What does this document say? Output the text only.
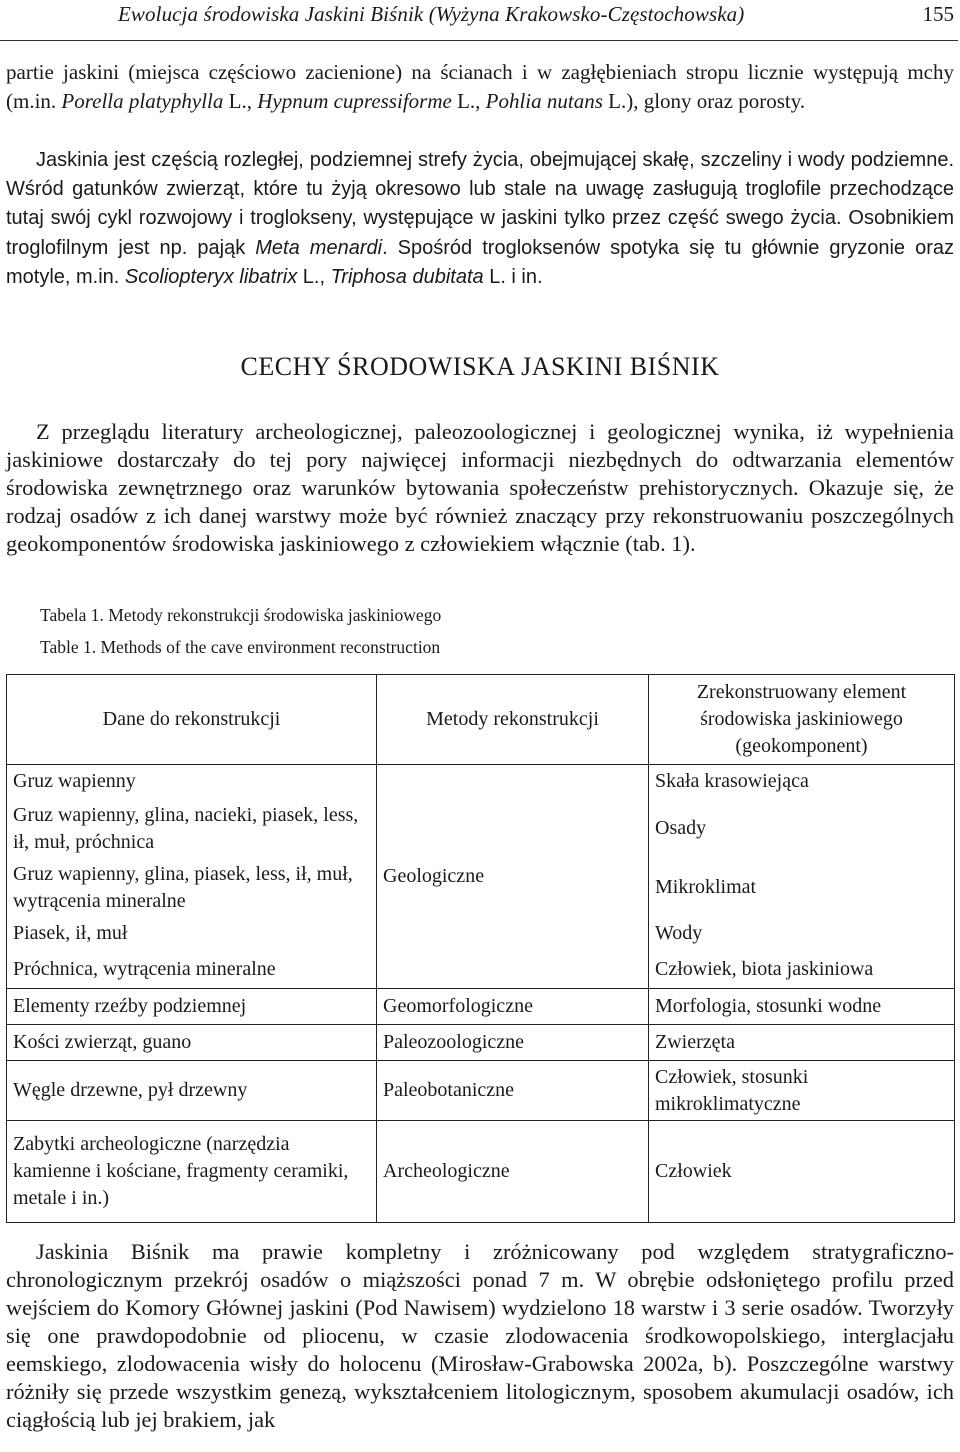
Ewolucja środowiska Jaskini Biśnik (Wyżyna Krakowsko-Częstochowska)	155

partie jaskini (miejsca częściowo zacienione) na ścianach i w zagłębieniach stropu licznie występują mchy (m.in. Porella platyphylla L., Hypnum cupressiforme L., Pohlia nutans L.), glony oraz porosty.

Jaskinia jest częścią rozległej, podziemnej strefy życia, obejmującej skałę, szczeliny i wody podziemne. Wśród gatunków zwierząt, które tu żyją okresowo lub stale na uwagę zasługują troglofile przechodzące tutaj swój cykl rozwojowy i troglokseny, występujące w jaskini tylko przez część swego życia. Osobnikiem troglofilnym jest np. pająk Meta menardi. Spośród trogloksenów spotyka się tu głównie gryzonie oraz motyle, m.in. Scoliopteryx libatrix L., Triphosa dubitata L. i in.

CECHY ŚRODOWISKA JASKINI BIŚNIK

Z przeglądu literatury archeologicznej, paleozoologicznej i geologicznej wynika, iż wypełnienia jaskiniowe dostarczały do tej pory najwięcej informacji niezbędnych do odtwarzania elementów środowiska zewnętrznego oraz warunków bytowania społeczeństw prehistorycznych. Okazuje się, że rodzaj osadów z ich danej warstwy może być również znaczący przy rekonstruowaniu poszczególnych geokomponentów środowiska jaskiniowego z człowiekiem włącznie (tab. 1).

Tabela 1. Metody rekonstrukcji środowiska jaskiniowego
Table 1. Methods of the cave environment reconstruction
Dane do rekonstrukcji	Metody rekonstrukcji	Zrekonstruowany element środowiska jaskiniowego (geokomponent)
Gruz wapienny	Geologiczne	Skała krasowiejąca
Gruz wapienny, glina, nacieki, piasek, less, ił, muł, próchnica		Osady
Gruz wapienny, glina, piasek, less, ił, muł, wytrącenia mineralne		Mikroklimat
Piasek, ił, muł		Wody
Próchnica, wytrącenia mineralne		Człowiek, biota jaskiniowa
Elementy rzeźby podziemnej	Geomorfologiczne	Morfologia, stosunki wodne
Kości zwierząt, guano	Paleozoologiczne	Zwierzęta
Węgle drzewne, pył drzewny	Paleobotaniczne	Człowiek, stosunki mikroklimatyczne
Zabytki archeologiczne (narzędzia kamienne i kościane, fragmenty ceramiki, metale i in.)	Archeologiczne	Człowiek

Jaskinia Biśnik ma prawie kompletny i zróżnicowany pod względem stratygraficzno-chronologicznym przekrój osadów o miąższości ponad 7 m. W obrębie odsłoniętego profilu przed wejściem do Komory Głównej jaskini (Pod Nawisem) wydzielono 18 warstw i 3 serie osadów. Tworzyły się one prawdopodobnie od pliocenu, w czasie zlodowacenia środkowopolskiego, interglacjału eemskiego, zlodowacenia wisły do holocenu (Mirosław-Grabowska 2002a, b). Poszczególne warstwy różniły się przede wszystkim genezą, wykształceniem litologicznym, sposobem akumulacji osadów, ich ciągłością lub jej brakiem, jak
